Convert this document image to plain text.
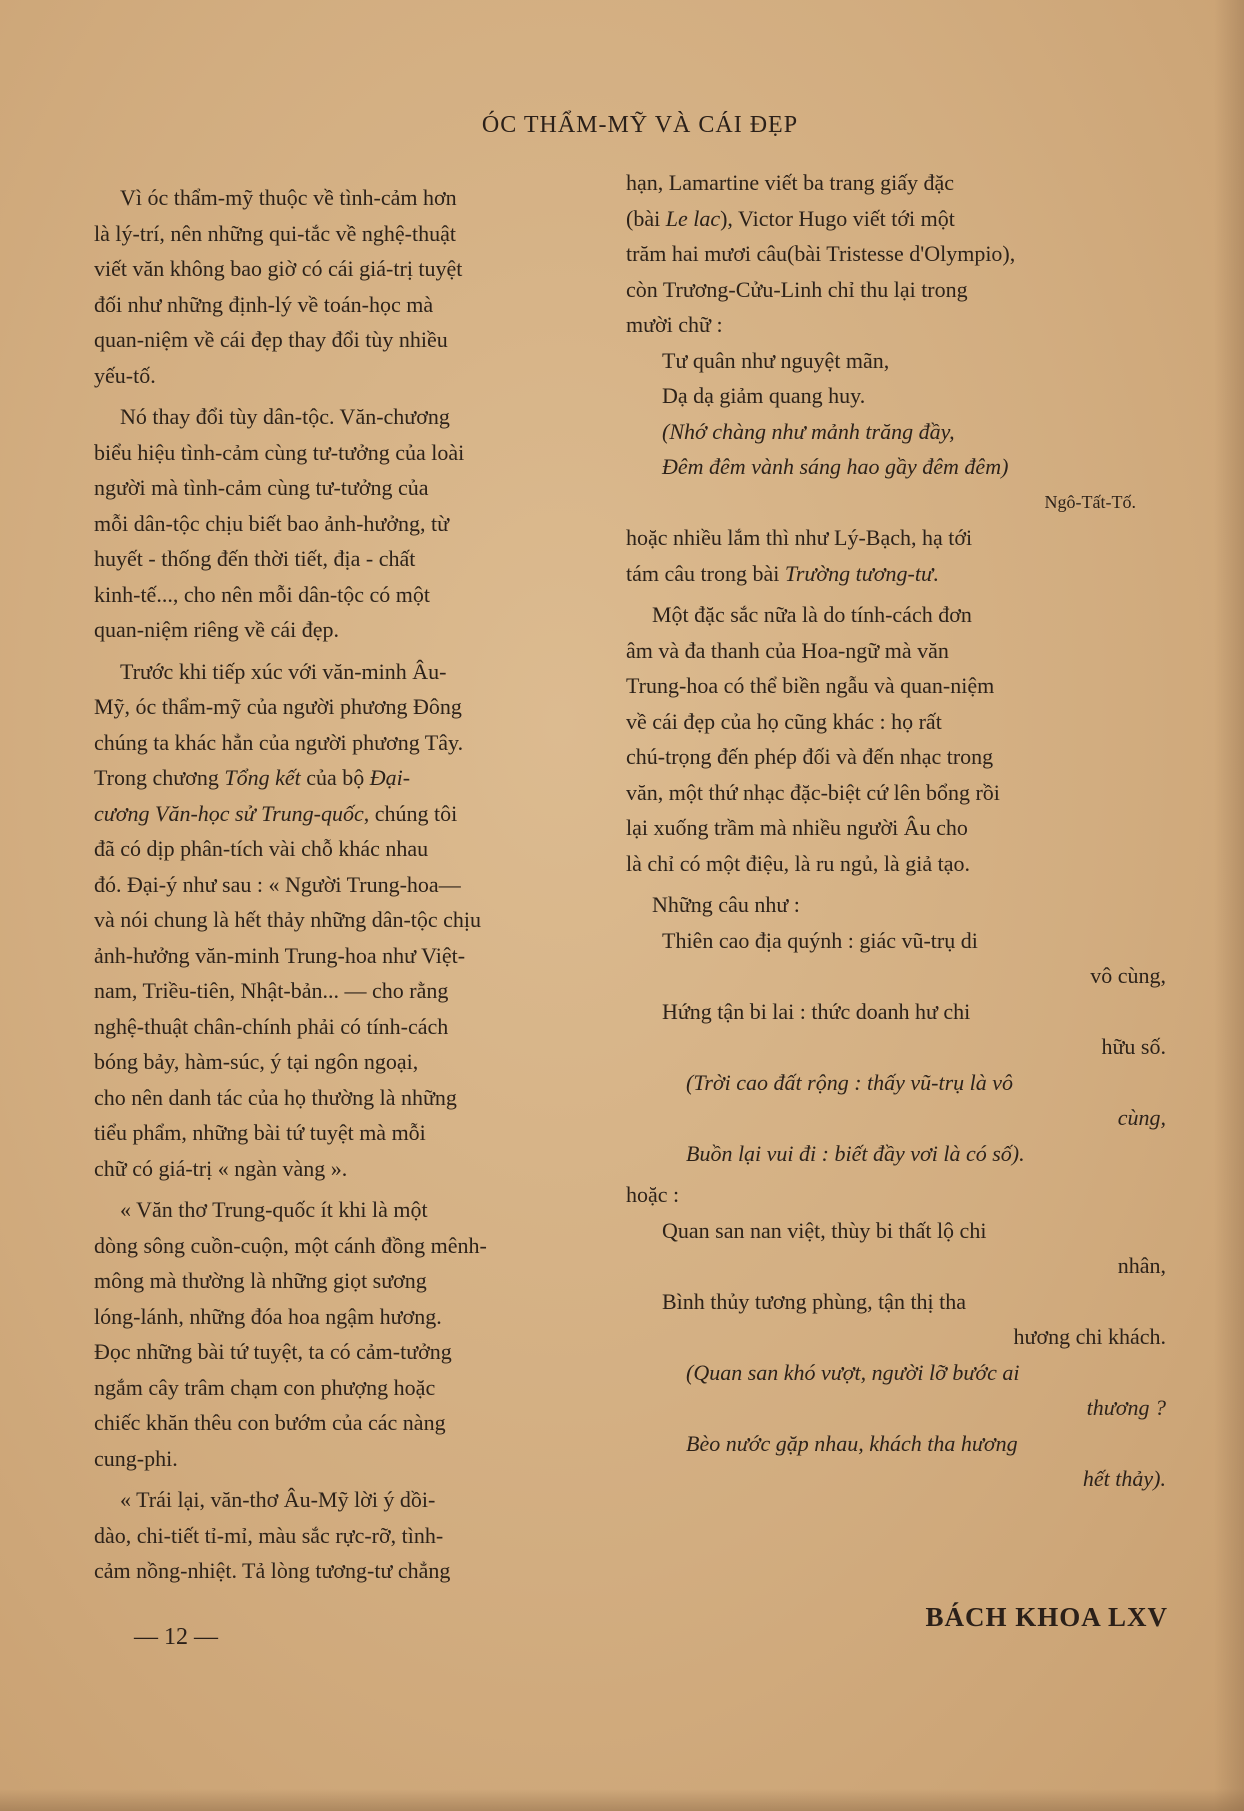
ÓC THẨM-MỸ VÀ CÁI ĐẸP

Vì óc thẩm-mỹ thuộc về tình-cảm hơn

là lý-trí, nên những qui-tắc về nghệ-thuật

viết văn không bao giờ có cái giá-trị tuyệt

đối như những định-lý về toán-học mà

quan-niệm về cái đẹp thay đổi tùy nhiều

yếu-tố.

Nó thay đổi tùy dân-tộc. Văn-chương

biểu hiệu tình-cảm cùng tư-tưởng của loài

người mà tình-cảm cùng tư-tưởng của

mỗi dân-tộc chịu biết bao ảnh-hưởng, từ

huyết - thống đến thời tiết, địa - chất

kinh-tế..., cho nên mỗi dân-tộc có một

quan-niệm riêng về cái đẹp.

Trước khi tiếp xúc với văn-minh Âu-

Mỹ, óc thẩm-mỹ của người phương Đông

chúng ta khác hẳn của người phương Tây.

Trong chương Tổng kết của bộ Đại-

cương Văn-học sử Trung-quốc, chúng tôi

đã có dịp phân-tích vài chỗ khác nhau

đó. Đại-ý như sau : « Người Trung-hoa—

và nói chung là hết thảy những dân-tộc chịu

ảnh-hưởng văn-minh Trung-hoa như Việt-

nam, Triều-tiên, Nhật-bản... — cho rằng

nghệ-thuật chân-chính phải có tính-cách

bóng bảy, hàm-súc, ý tại ngôn ngoại,

cho nên danh tác của họ thường là những

tiểu phẩm, những bài tứ tuyệt mà mỗi

chữ có giá-trị « ngàn vàng ».

« Văn thơ Trung-quốc ít khi là một

dòng sông cuồn-cuộn, một cánh đồng mênh-

mông mà thường là những giọt sương

lóng-lánh, những đóa hoa ngậm hương.

Đọc những bài tứ tuyệt, ta có cảm-tưởng

ngắm cây trâm chạm con phượng hoặc

chiếc khăn thêu con bướm của các nàng

cung-phi.

« Trái lại, văn-thơ Âu-Mỹ lời ý dồi-

dào, chi-tiết tỉ-mỉ, màu sắc rực-rỡ, tình-

cảm nồng-nhiệt. Tả lòng tương-tư chẳng

hạn, Lamartine viết ba trang giấy đặc

(bài Le lac), Victor Hugo viết tới một

trăm hai mươi câu(bài Tristesse d'Olympio),

còn Trương-Cửu-Linh chỉ thu lại trong

mười chữ :

Tư quân như nguyệt mãn,

Dạ dạ giảm quang huy.

(Nhớ chàng như mảnh trăng đầy,

Đêm đêm vành sáng hao gầy đêm đêm)

Ngô-Tất-Tố.

hoặc nhiều lắm thì như Lý-Bạch, hạ tới

tám câu trong bài Trường tương-tư.

Một đặc sắc nữa là do tính-cách đơn

âm và đa thanh của Hoa-ngữ mà văn

Trung-hoa có thể biền ngẫu và quan-niệm

về cái đẹp của họ cũng khác : họ rất

chú-trọng đến phép đối và đến nhạc trong

văn, một thứ nhạc đặc-biệt cứ lên bổng rồi

lại xuống trầm mà nhiều người Âu cho

là chỉ có một điệu, là ru ngủ, là giả tạo.

Những câu như :

Thiên cao địa quýnh : giác vũ-trụ di

vô cùng,

Hứng tận bi lai : thức doanh hư chi

hữu số.

(Trời cao đất rộng : thấy vũ-trụ là vô

cùng,

Buồn lại vui đi : biết đầy vơi là có số).

hoặc :

Quan san nan việt, thùy bi thất lộ chi

nhân,

Bình thủy tương phùng, tận thị tha

hương chi khách.

(Quan san khó vượt, người lỡ bước ai

thương ?

Bèo nước gặp nhau, khách tha hương

hết thảy).

— 12 —
BÁCH KHOA LXV
